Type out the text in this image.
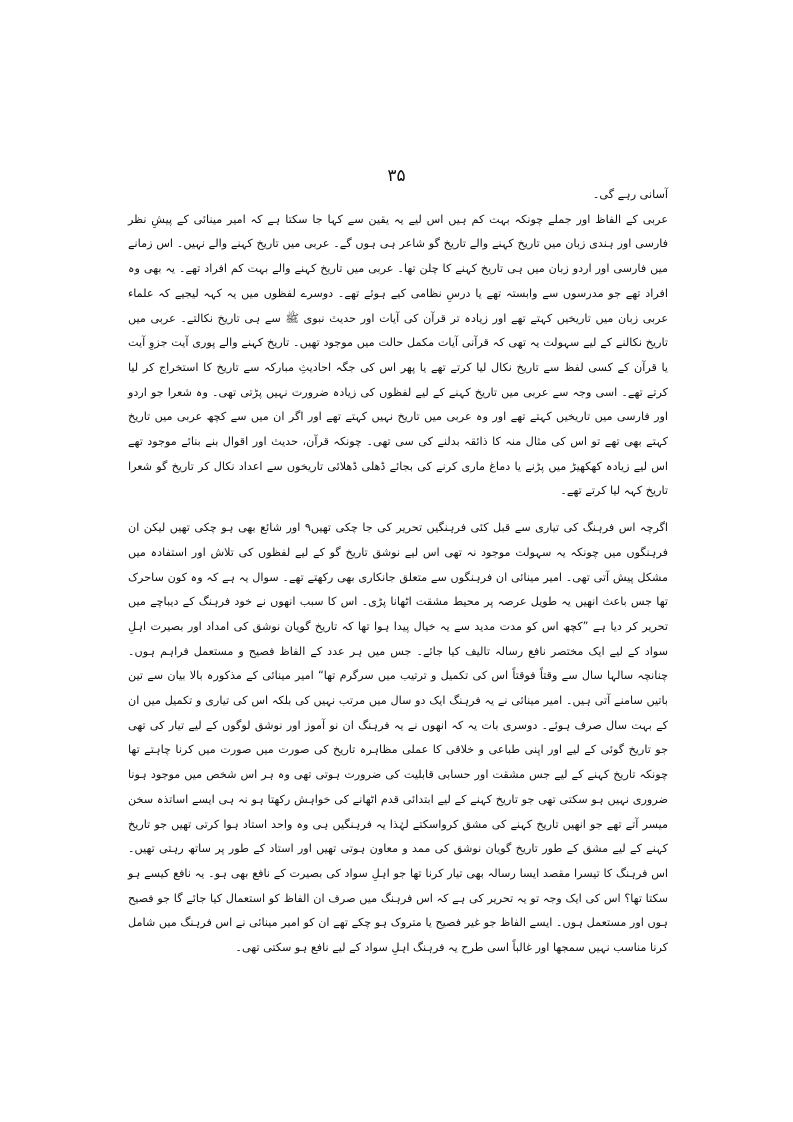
۳۵

آسانی رہے گی۔

عربی کے الفاظ اور جملے چونکہ بہت کم ہیں اس لیے یہ یقین سے کہا جا سکتا ہے کہ امیر مینائی کے پیشِ نظر فارسی اور ہندی زبان میں تاریخ کہنے والے تاریخ گو شاعر ہی ہوں گے۔ عربی میں تاریخ کہنے والے نہیں۔ اس زمانے میں فارسی اور اردو زبان میں ہی تاریخ کہنے کا چلن تھا۔ عربی میں تاریخ کہنے والے بہت کم افراد تھے۔ یہ بھی وہ افراد تھے جو مدرسوں سے وابستہ تھے یا درسِ نظامی کیے ہوئے تھے۔ دوسرے لفظوں میں یہ کہہ لیجیے کہ علماء عربی زبان میں تاریخیں کہتے تھے اور زیادہ تر قرآن کی آیات اور حدیث نبوی ﷺ سے ہی تاریخ نکالتے۔ عربی میں تاریخ نکالنے کے لیے سہولت یہ تھی کہ قرآنی آیات مکمل حالت میں موجود تھیں۔ تاریخ کہنے والے پوری آیت جزوِ آیت یا قرآن کے کسی لفظ سے تاریخ نکال لیا کرتے تھے یا پھر اس کی جگہ احادیثِ مبارکہ سے تاریخ کا استخراج کر لیا کرتے تھے۔ اسی وجہ سے عربی میں تاریخ کہنے کے لیے لفظوں کی زیادہ ضرورت نہیں پڑتی تھی۔ وہ شعرا جو اردو اور فارسی میں تاریخیں کہتے تھے اور وہ عربی میں تاریخ نہیں کہتے تھے اور اگر ان میں سے کچھ عربی میں تاریخ کہتے بھی تھے تو اس کی مثال منہ کا ذائقہ بدلنے کی سی تھی۔ چونکہ قرآن، حدیث اور اقوال بنے بنائے موجود تھے اس لیے زیادہ کھکھیڑ میں پڑنے یا دماغ ماری کرنے کی بجائے ڈھلی ڈھلائی تاریخوں سے اعداد نکال کر تاریخ گو شعرا تاریخ کہہ لیا کرتے تھے۔

اگرچہ اس فرہنگ کی تیاری سے قبل کئی فرہنگیں تحریر کی جا چکی تھیں۹ اور شائع بھی ہو چکی تھیں لیکن ان فرہنگوں میں چونکہ یہ سہولت موجود نہ تھی اس لیے نوشق تاریخ گو کے لیے لفظوں کی تلاش اور استفادہ میں مشکل پیش آتی تھی۔ امیر مینائی ان فرہنگوں سے متعلق جانکاری بھی رکھتے تھے۔ سوال یہ ہے کہ وہ کون ساحرک تھا جس باعث انھیں یہ طویل عرصہ پر محیط مشقت اٹھانا پڑی۔ اس کا سبب انھوں نے خود فرہنگ کے دیباچے میں تحریر کر دیا ہے ”کچھ اس کو مدت مدید سے یہ خیال پیدا ہوا تھا کہ تاریخ گویان نوشق کی امداد اور بصیرت اہلِ سواد کے لیے ایک مختصر نافع رسالہ تالیف کیا جائے۔ جس میں ہر عدد کے الفاظ فصیح و مستعمل فراہم ہوں۔ چنانچہ سالہا سال سے وقتاً فوقتاً اس کی تکمیل و ترتیب میں سرگرم تھا“ امیر مینائی کے مذکورہ بالا بیان سے تین باتیں سامنے آتی ہیں۔ امیر مینائی نے یہ فرہنگ ایک دو سال میں مرتب نہیں کی بلکہ اس کی تیاری و تکمیل میں ان کے بہت سال صرف ہوئے۔ دوسری بات یہ کہ انھوں نے یہ فرہنگ ان نو آموز اور نوشق لوگوں کے لیے تیار کی تھی جو تاریخ گوئی کے لیے اور اپنی طباعی و خلاقی کا عملی مظاہرہ تاریخ کی صورت میں صورت میں کرنا چاہتے تھا چونکہ تاریخ کہنے کے لیے جس مشقت اور حسابی قابلیت کی ضرورت ہوتی تھی وہ ہر اس شخص میں موجود ہونا ضروری نہیں ہو سکتی تھی جو تاریخ کہنے کے لیے ابتدائی قدم اٹھانے کی خواہش رکھتا ہو نہ ہی ایسے اساتذہ سخن میسر آتے تھے جو انھیں تاریخ کہنے کی مشق کرواسکتے لہٰذا یہ فرہنگیں ہی وہ واحد استاد ہوا کرتی تھیں جو تاریخ کہنے کے لیے مشق کے طور تاریخ گویان نوشق کی ممد و معاون ہوتی تھیں اور استاد کے طور پر ساتھ رہتی تھیں۔ اس فرہنگ کا تیسرا مقصد ایسا رسالہ بھی تیار کرنا تھا جو اہلِ سواد کی بصیرت کے نافع بھی ہو۔ یہ نافع کیسے ہو سکتا تھا؟ اس کی ایک وجہ تو یہ تحریر کی ہے کہ اس فرہنگ میں صرف ان الفاظ کو استعمال کیا جائے گا جو فصیح ہوں اور مستعمل ہوں۔ ایسے الفاظ جو غیر فصیح یا متروک ہو چکے تھے ان کو امیر مینائی نے اس فرہنگ میں شامل کرنا مناسب نہیں سمجھا اور غالباً اسی طرح یہ فرہنگ اہلِ سواد کے لیے نافع ہو سکتی تھی۔
